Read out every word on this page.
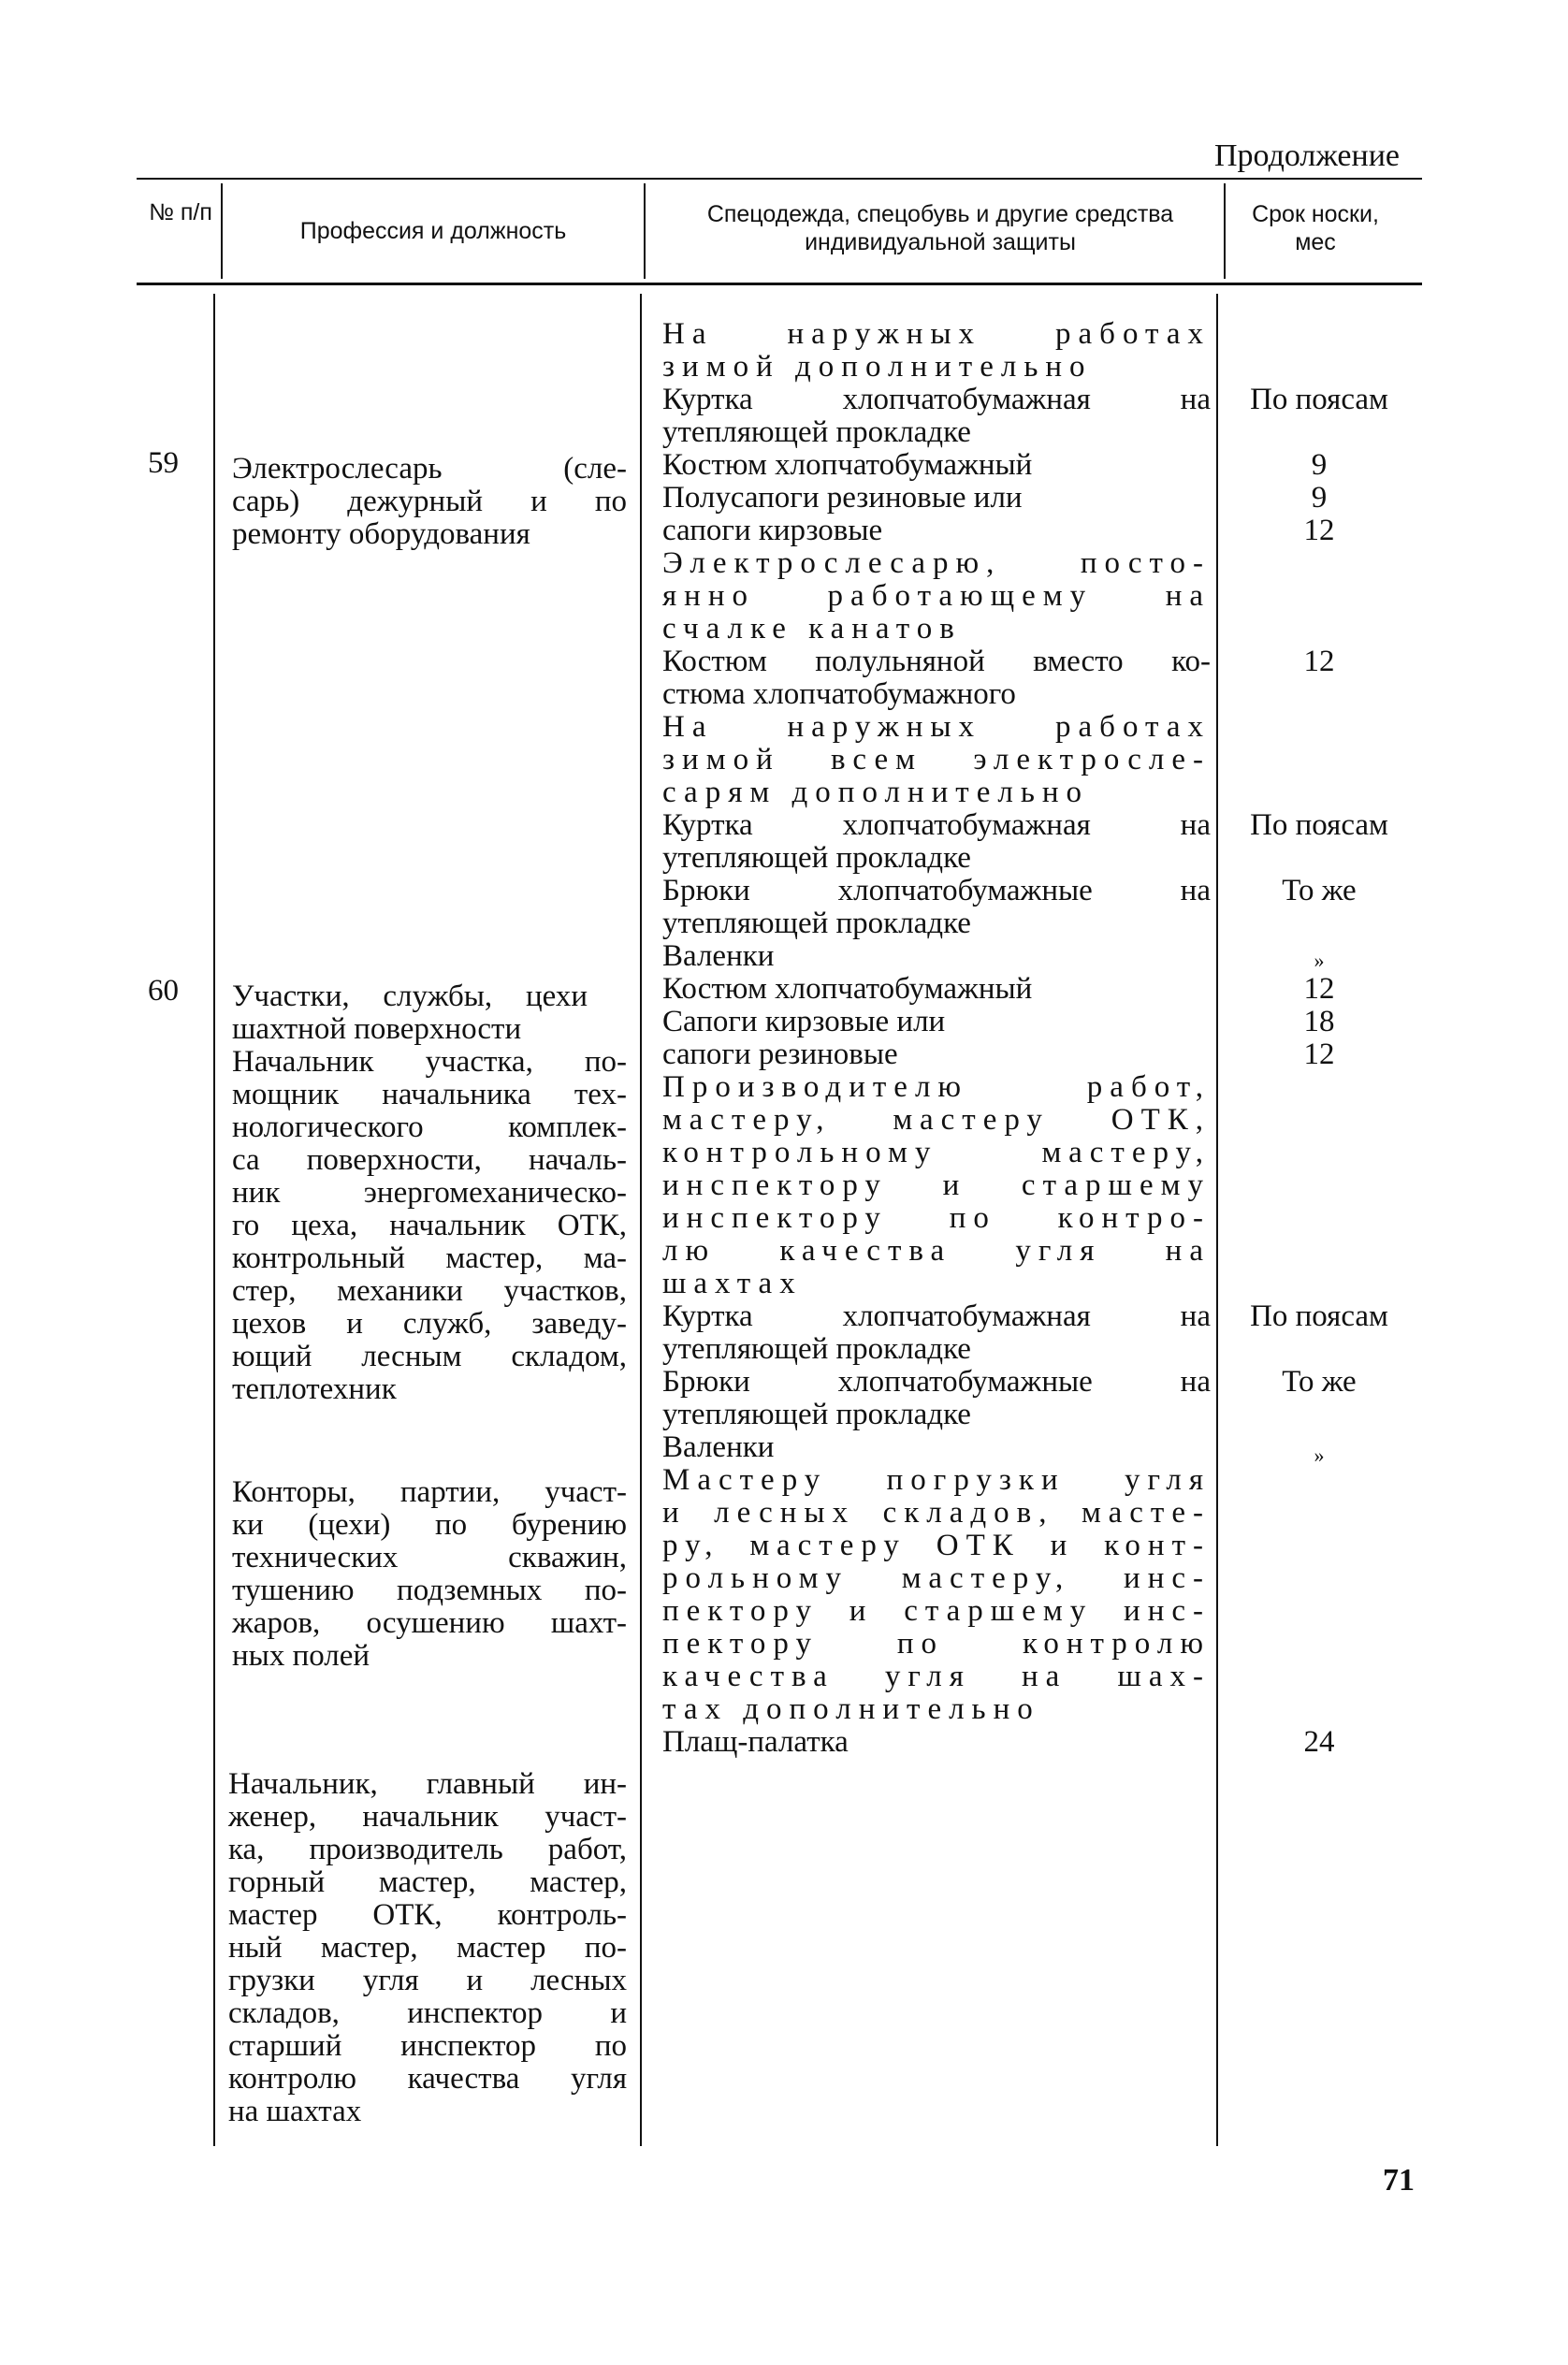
Продолжение
71
№ п/п
Профессия и должность
Спецодежда, спецобувь и другие средства индивидуальной защиты
Срок носки, мес
59
60
Электрослесарь (сле-
сарь) дежурный и по
ремонту оборудования
Участки, службы, цехи
шахтной поверхности
Начальник участка, по-
мощник начальника тех-
нологического комплек-
са поверхности, началь-
ник энергомеханическо-
го цеха, начальник ОТК,
контрольный мастер, ма-
стер, механики участков,
цехов и служб, заведу-
ющий лесным складом,
теплотехник
Конторы, партии, участ-
ки (цехи) по бурению
технических скважин,
тушению подземных по-
жаров, осушению шахт-
ных полей
Начальник, главный ин-
женер, начальник участ-
ка, производитель работ,
горный мастер, мастер,
мастер ОТК, контроль-
ный мастер, мастер по-
грузки угля и лесных
складов, инспектор и
старший инспектор по
контролю качества угля
на шахтах
На наружных работах
зимой дополнительно
Куртка хлопчатобумажная на
утепляющей прокладке
Костюм хлопчатобумажный
Полусапоги резиновые или
сапоги кирзовые
Электрослесарю, посто-
янно работающему на
счалке канатов
Костюм полульняной вместо ко-
стюма хлопчатобумажного
На наружных работах
зимой всем электросле-
сарям дополнительно
Куртка хлопчатобумажная на
утепляющей прокладке
Брюки хлопчатобумажные на
утепляющей прокладке
Валенки
Костюм хлопчатобумажный
Сапоги кирзовые или
сапоги резиновые
Производителю работ,
мастеру, мастеру ОТК,
контрольному мастеру,
инспектору и старшему
инспектору по контро-
лю качества угля на
шахтах
Куртка хлопчатобумажная на
утепляющей прокладке
Брюки хлопчатобумажные на
утепляющей прокладке
Валенки
Мастеру погрузки угля
и лесных складов, масте-
ру, мастеру ОТК и конт-
рольному мастеру, инс-
пектору и старшему инс-
пектору по контролю
качества угля на шах-
тах дополнительно
Плащ-палатка
По поясам
9
9
12
12
По поясам
То же
»
12
18
12
По поясам
То же
»
24
